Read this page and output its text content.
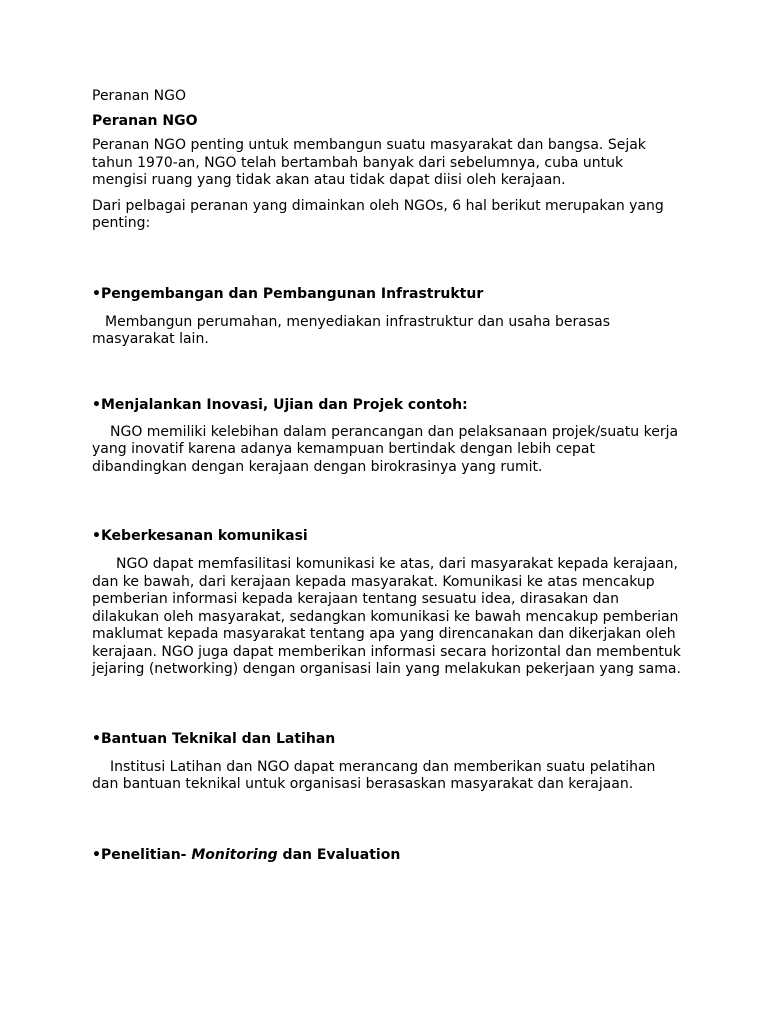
Peranan NGO
Peranan NGO

Peranan NGO penting untuk membangun suatu masyarakat dan bangsa. Sejak tahun 1970-an, NGO telah bertambah banyak dari sebelumnya, cuba untuk mengisi ruang yang tidak akan atau tidak dapat diisi oleh kerajaan.

Dari pelbagai peranan yang dimainkan oleh NGOs, 6 hal berikut merupakan yang penting:

•Pengembangan dan Pembangunan Infrastruktur

Membangun perumahan, menyediakan infrastruktur dan usaha berasas masyarakat lain.

•Menjalankan Inovasi, Ujian dan Projek contoh:

NGO memiliki kelebihan dalam perancangan dan pelaksanaan projek/suatu kerja yang inovatif karena adanya kemampuan bertindak dengan lebih cepat dibandingkan dengan kerajaan dengan birokrasinya yang rumit.

•Keberkesanan komunikasi

NGO dapat memfasilitasi komunikasi ke atas, dari masyarakat kepada kerajaan, dan ke bawah, dari kerajaan kepada masyarakat. Komunikasi ke atas mencakup pemberian informasi kepada kerajaan tentang sesuatu idea, dirasakan dan dilakukan oleh masyarakat, sedangkan komunikasi ke bawah mencakup pemberian maklumat kepada masyarakat tentang apa yang direncanakan dan dikerjakan oleh kerajaan. NGO juga dapat memberikan informasi secara horizontal dan membentuk jejaring (networking) dengan organisasi lain yang melakukan pekerjaan yang sama.

•Bantuan Teknikal dan Latihan

Institusi Latihan dan NGO dapat merancang dan memberikan suatu pelatihan dan bantuan teknikal untuk organisasi berasaskan masyarakat dan kerajaan.

•Penelitian- Monitoring dan Evaluation
